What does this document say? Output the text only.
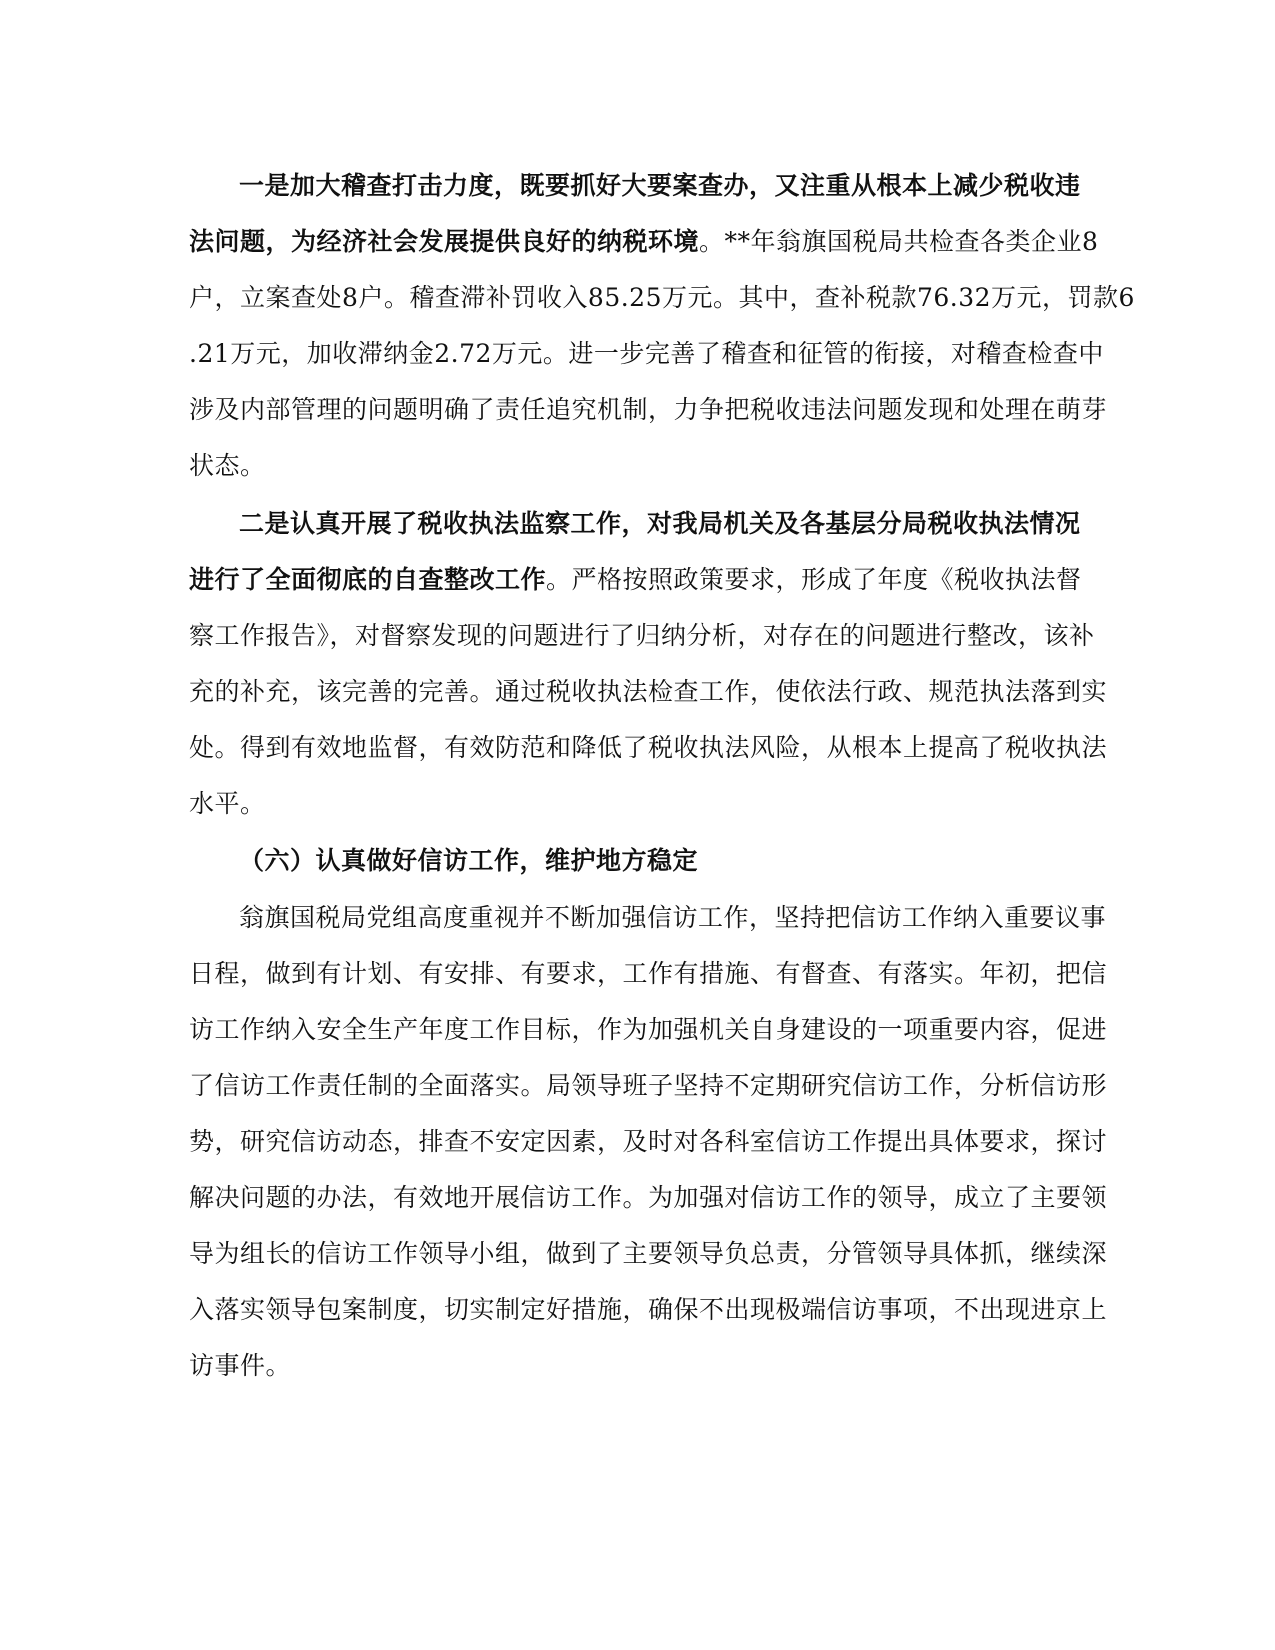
一是加大稽查打击力度，既要抓好大要案查办，又注重从根本上减少税收违
法问题，为经济社会发展提供良好的纳税环境。**年翁旗国税局共检查各类企业8
户，立案查处8户。稽查滞补罚收入85.25万元。其中，查补税款76.32万元，罚款6
.21万元，加收滞纳金2.72万元。进一步完善了稽查和征管的衔接，对稽查检查中
涉及内部管理的问题明确了责任追究机制，力争把税收违法问题发现和处理在萌芽
状态。
二是认真开展了税收执法监察工作，对我局机关及各基层分局税收执法情况
进行了全面彻底的自查整改工作。严格按照政策要求，形成了年度《税收执法督
察工作报告》，对督察发现的问题进行了归纳分析，对存在的问题进行整改，该补
充的补充，该完善的完善。通过税收执法检查工作，使依法行政、规范执法落到实
处。得到有效地监督，有效防范和降低了税收执法风险，从根本上提高了税收执法
水平。
（六）认真做好信访工作，维护地方稳定
翁旗国税局党组高度重视并不断加强信访工作，坚持把信访工作纳入重要议事
日程，做到有计划、有安排、有要求，工作有措施、有督查、有落实。年初，把信
访工作纳入安全生产年度工作目标，作为加强机关自身建设的一项重要内容，促进
了信访工作责任制的全面落实。局领导班子坚持不定期研究信访工作，分析信访形
势，研究信访动态，排查不安定因素，及时对各科室信访工作提出具体要求，探讨
解决问题的办法，有效地开展信访工作。为加强对信访工作的领导，成立了主要领
导为组长的信访工作领导小组，做到了主要领导负总责，分管领导具体抓，继续深
入落实领导包案制度，切实制定好措施，确保不出现极端信访事项，不出现进京上
访事件。
